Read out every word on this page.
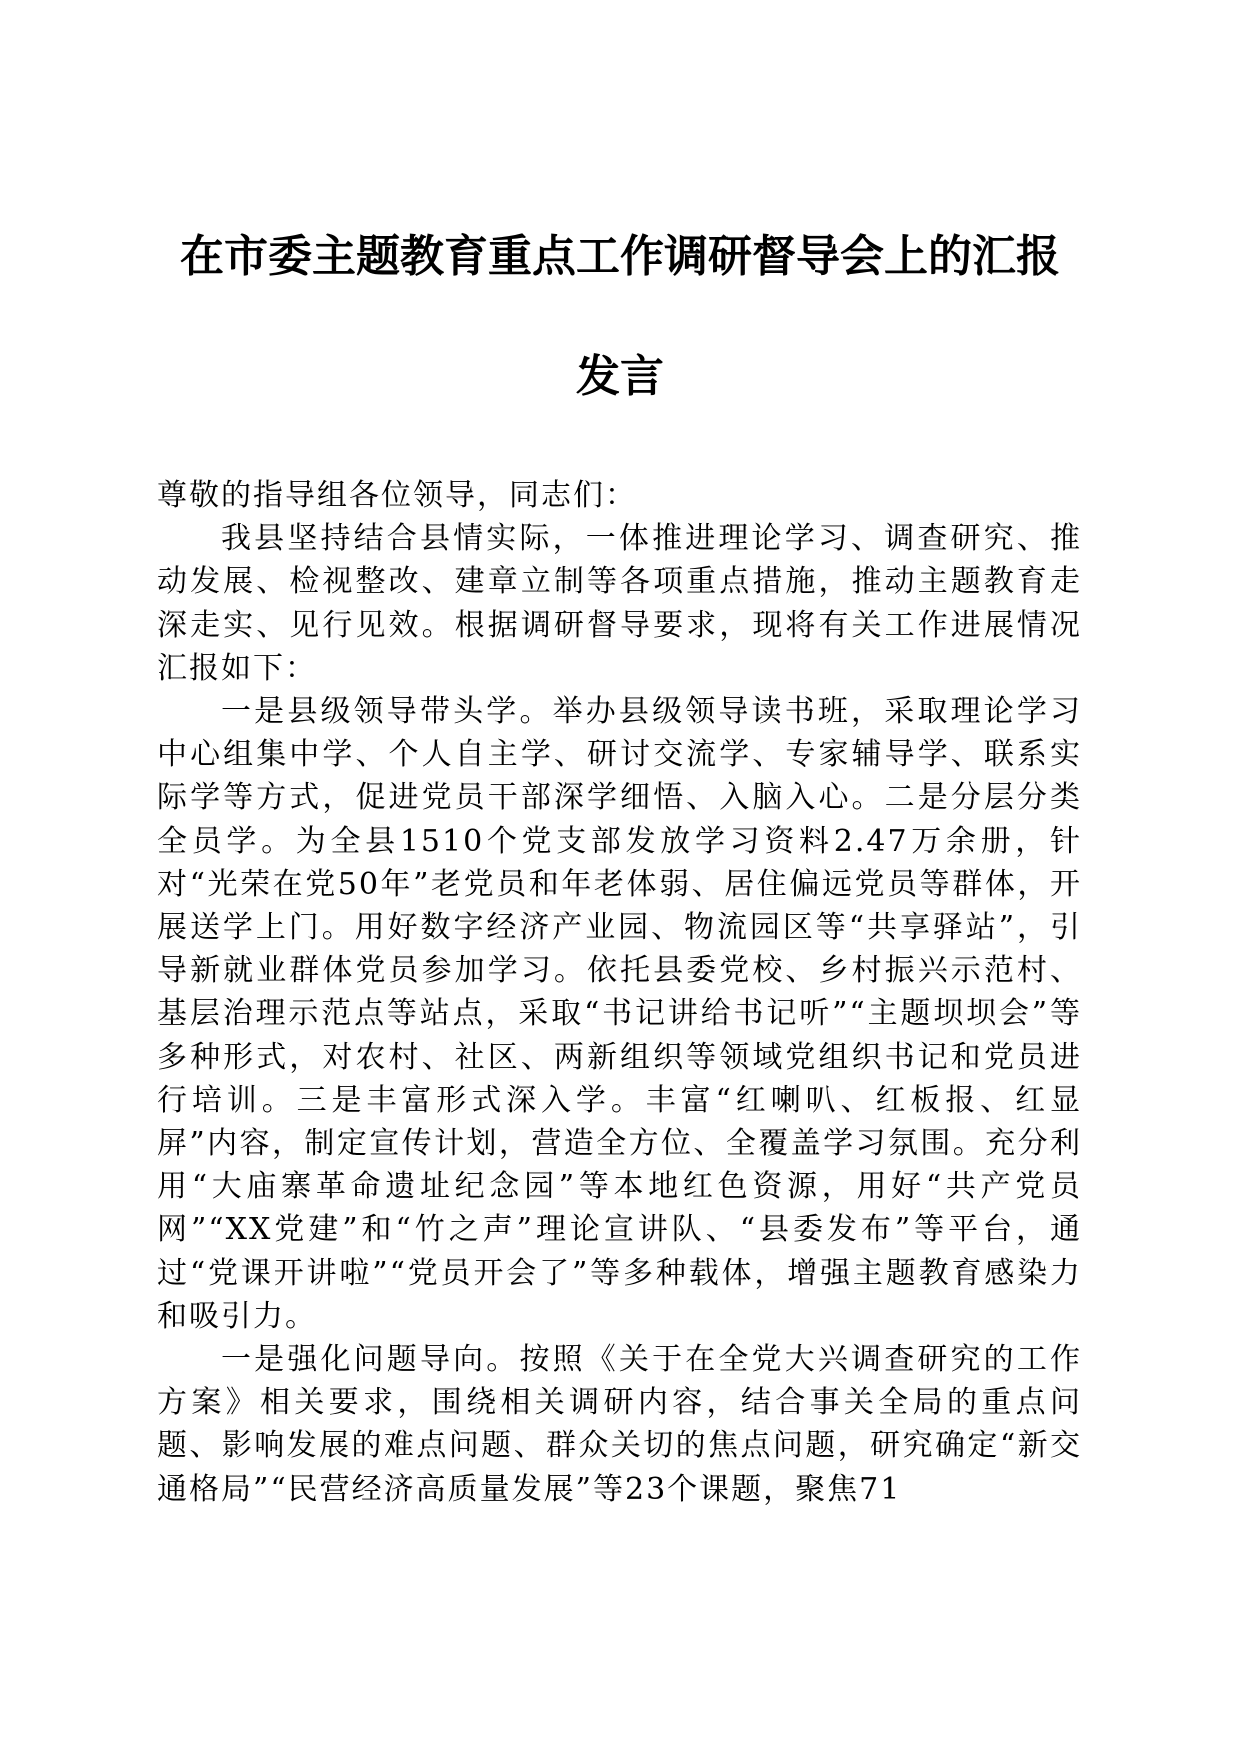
在市委主题教育重点工作调研督导会上的汇报
发言

尊敬的指导组各位领导，同志们：

我县坚持结合县情实际，一体推进理论学习、调查研究、推动发展、检视整改、建章立制等各项重点措施，推动主题教育走深走实、见行见效。根据调研督导要求，现将有关工作进展情况汇报如下：

一是县级领导带头学。举办县级领导读书班，采取理论学习中心组集中学、个人自主学、研讨交流学、专家辅导学、联系实际学等方式，促进党员干部深学细悟、入脑入心。二是分层分类全员学。为全县1510个党支部发放学习资料2.47万余册，针对“光荣在党50年”老党员和年老体弱、居住偏远党员等群体，开展送学上门。用好数字经济产业园、物流园区等“共享驿站”，引导新就业群体党员参加学习。依托县委党校、乡村振兴示范村、基层治理示范点等站点，采取“书记讲给书记听”“主题坝坝会”等多种形式，对农村、社区、两新组织等领域党组织书记和党员进行培训。三是丰富形式深入学。丰富“红喇叭、红板报、红显屏”内容，制定宣传计划，营造全方位、全覆盖学习氛围。充分利用“大庙寨革命遗址纪念园”等本地红色资源，用好“共产党员网”“XX党建”和“竹之声”理论宣讲队、“县委发布”等平台，通过“党课开讲啦”“党员开会了”等多种载体，增强主题教育感染力和吸引力。

一是强化问题导向。按照《关于在全党大兴调查研究的工作方案》相关要求，围绕相关调研内容，结合事关全局的重点问题、影响发展的难点问题、群众关切的焦点问题，研究确定“新交通格局”“民营经济高质量发展”等23个课题，聚焦71
